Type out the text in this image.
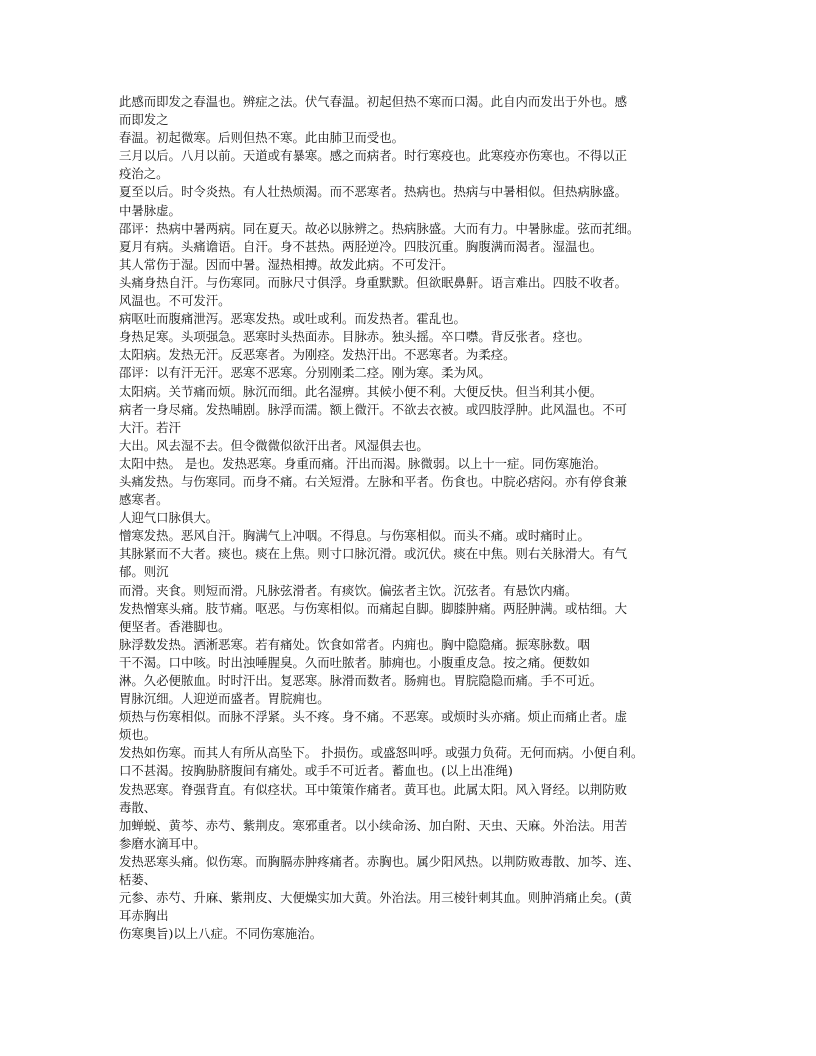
此感而即发之春温也。辨症之法。伏气春温。初起但热不寒而口渴。此自内而发出于外也。感
而即发之
春温。初起微寒。后则但热不寒。此由肺卫而受也。
三月以后。八月以前。天道或有暴寒。感之而病者。时行寒疫也。此寒疫亦伤寒也。不得以正
疫治之。
夏至以后。时令炎热。有人壮热烦渴。而不恶寒者。热病也。热病与中暑相似。但热病脉盛。
中暑脉虚。
邵评：热病中暑两病。同在夏天。故必以脉辨之。热病脉盛。大而有力。中暑脉虚。弦而芤细。
夏月有病。头痛谵语。自汗。身不甚热。两胫逆冷。四肢沉重。胸腹满而渴者。湿温也。
其人常伤于湿。因而中暑。湿热相搏。故发此病。不可发汗。
头痛身热自汗。与伤寒同。而脉尺寸俱浮。身重默默。但欲眠鼻鼾。语言难出。四肢不收者。
风温也。不可发汗。
病呕吐而腹痛泄泻。恶寒发热。或吐或利。而发热者。霍乱也。
身热足寒。头项强急。恶寒时头热面赤。目脉赤。独头摇。卒口噤。背反张者。痉也。
太阳病。发热无汗。反恶寒者。为刚痉。发热汗出。不恶寒者。为柔痉。
邵评：以有汗无汗。恶寒不恶寒。分别刚柔二痉。刚为寒。柔为风。
太阳病。关节痛而烦。脉沉而细。此名湿痹。其候小便不利。大便反快。但当利其小便。
病者一身尽痛。发热晡剧。脉浮而濡。额上微汗。不欲去衣被。或四肢浮肿。此风温也。不可
大汗。若汗
大出。风去湿不去。但令微微似欲汗出者。风湿俱去也。
太阳中热。 是也。发热恶寒。身重而痛。汗出而渴。脉微弱。以上十一症。同伤寒施治。
头痛发热。与伤寒同。而身不痛。右关短滑。左脉和平者。伤食也。中脘必痞闷。亦有停食兼
感寒者。
人迎气口脉俱大。
憎寒发热。恶风自汗。胸满气上冲咽。不得息。与伤寒相似。而头不痛。或时痛时止。
其脉紧而不大者。痰也。痰在上焦。则寸口脉沉滑。或沉伏。痰在中焦。则右关脉滑大。有气
郁。则沉
而滑。夹食。则短而滑。凡脉弦滑者。有痰饮。偏弦者主饮。沉弦者。有悬饮内痛。
发热憎寒头痛。肢节痛。呕恶。与伤寒相似。而痛起自脚。脚膝肿痛。两胫肿满。或枯细。大
便坚者。香港脚也。
脉浮数发热。洒淅恶寒。若有痛处。饮食如常者。内痈也。胸中隐隐痛。振寒脉数。咽
干不渴。口中咳。时出浊唾腥臭。久而吐脓者。肺痈也。小腹重皮急。按之痛。便数如
淋。久必便脓血。时时汗出。复恶寒。脉滑而数者。肠痈也。胃脘隐隐而痛。手不可近。
胃脉沉细。人迎逆而盛者。胃脘痈也。
烦热与伤寒相似。而脉不浮紧。头不疼。身不痛。不恶寒。或烦时头亦痛。烦止而痛止者。虚
烦也。
发热如伤寒。而其人有所从高坠下。 扑损伤。或盛怒叫呼。或强力负荷。无何而病。小便自利。
口不甚渴。按胸胁脐腹间有痛处。或手不可近者。蓄血也。(以上出准绳)
发热恶寒。脊强背直。有似痉状。耳中策策作痛者。黄耳也。此属太阳。风入肾经。以荆防败
毒散、
加蝉蜕、黄芩、赤芍、紫荆皮。寒邪重者。以小续命汤、加白附、天虫、天麻。外治法。用苦
参磨水滴耳中。
发热恶寒头痛。似伤寒。而胸膈赤肿疼痛者。赤胸也。属少阳风热。以荆防败毒散、加芩、连、
栝蒌、
元参、赤芍、升麻、紫荆皮、大便燥实加大黄。外治法。用三棱针刺其血。则肿消痛止矣。(黄
耳赤胸出
伤寒奥旨)以上八症。不同伤寒施治。
